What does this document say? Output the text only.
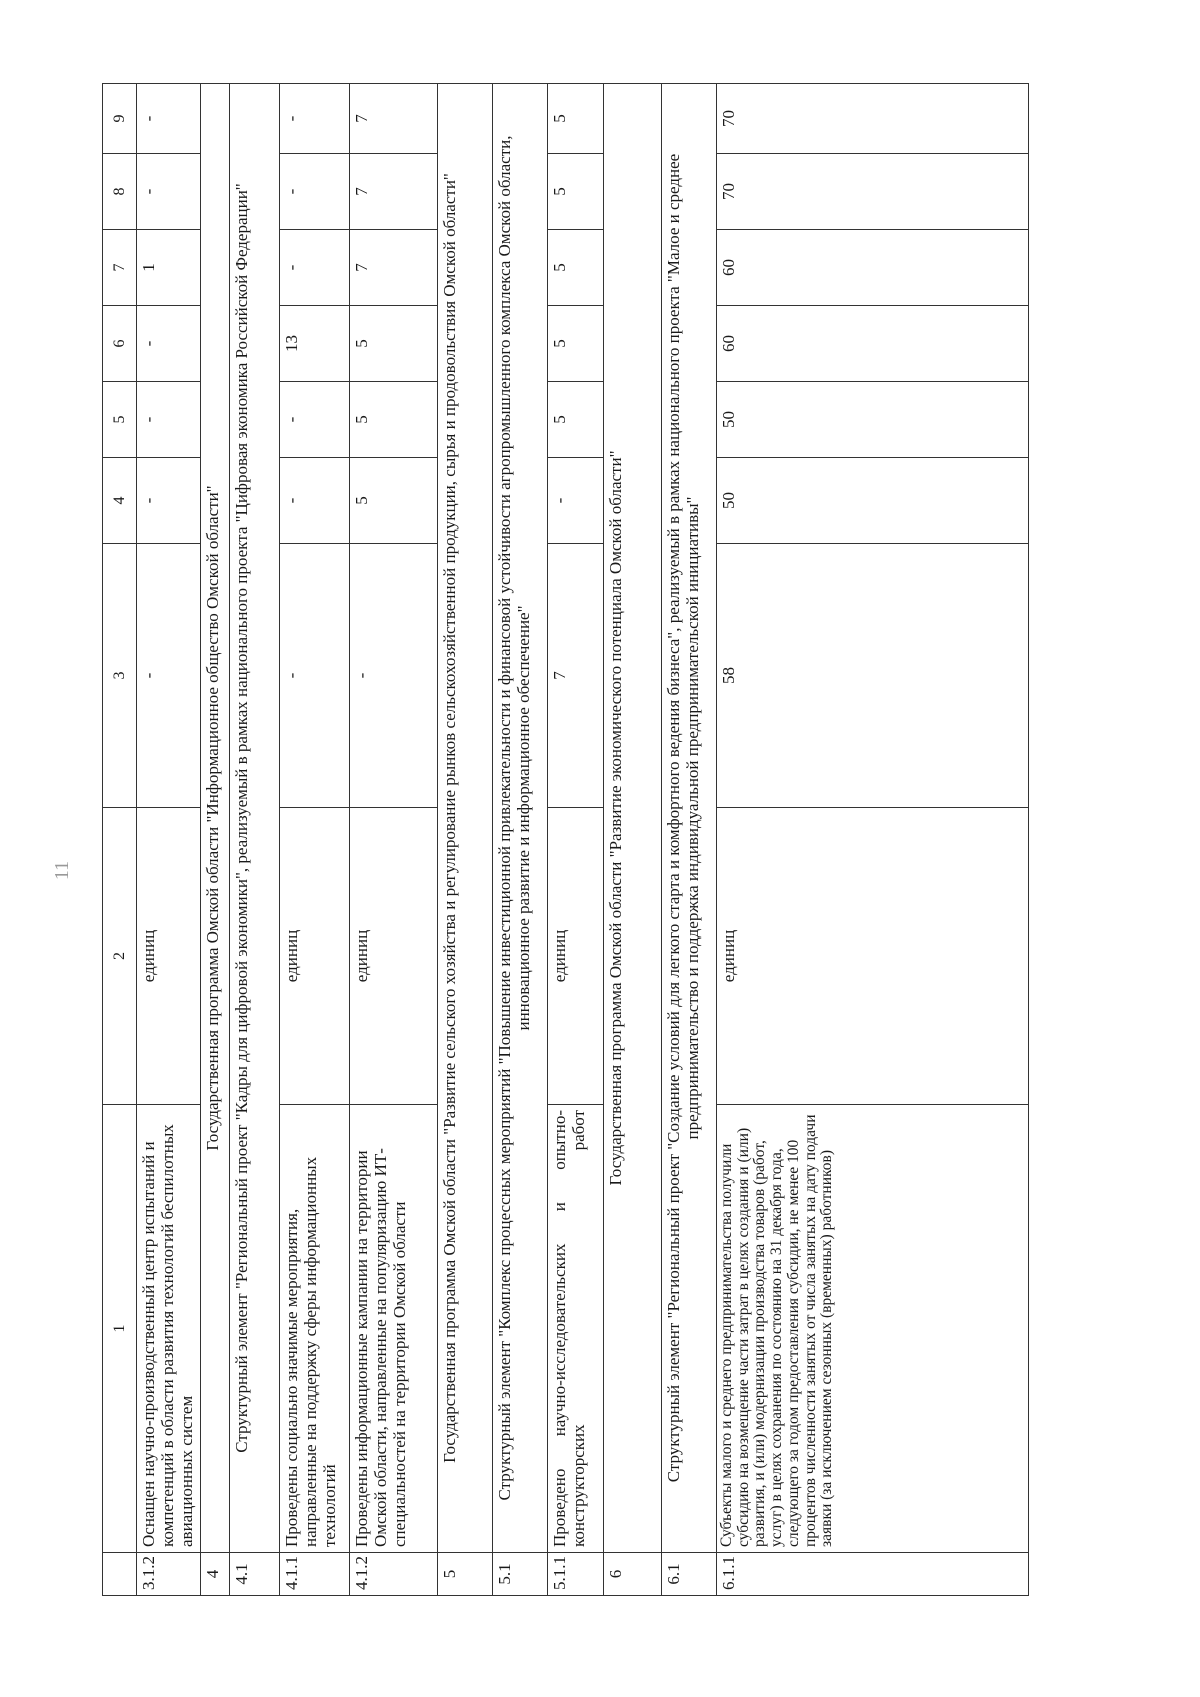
11
	1	2	3	4	5	6	7	8	9
3.1.2	Оснащен научно-производственный центр испытаний и компетенций в области развития технологий беспилотных авиационных систем	единиц	-	-	-	-	1	-	-
4	Государственная программа Омской области "Информационное общество Омской области"								
4.1	Структурный элемент "Региональный проект "Кадры для цифровой экономики", реализуемый в рамках национального проекта "Цифровая экономика Российской Федерации"								
4.1.1	Проведены социально значимые мероприятия, направленные на поддержку сферы информационных технологий	единиц	-	-	-	13	-	-	-
4.1.2	Проведены информационные кампании на территории Омской области, направленные на популяризацию ИТ-специальностей на территории Омской области	единиц	-	5	5	5	7	7	7
5	Государственная программа Омской области "Развитие сельского хозяйства и регулирование рынков сельскохозяйственной продукции, сырья и продовольствия Омской области"								
5.1	Структурный элемент "Комплекс процессных мероприятий "Повышение инвестиционной привлекательности и финансовой устойчивости агропромышленного комплекса Омской области, инновационное развитие и информационное обеспечение"								
5.1.1	Проведено научно-исследовательских и опытно-конструкторских работ	единиц	7	-	5	5	5	5	5
6	Государственная программа Омской области "Развитие экономического потенциала Омской области"								
6.1	Структурный элемент "Региональный проект "Создание условий для легкого старта и комфортного ведения бизнеса", реализуемый в рамках национального проекта "Малое и среднее предпринимательство и поддержка индивидуальной предпринимательской инициативы"								
6.1.1	Субъекты малого и среднего предпринимательства получили субсидию на возмещение части затрат в целях создания и (или) развития, и (или) модернизации производства товаров (работ, услуг) в целях сохранения по состоянию на 31 декабря года, следующего за годом предоставления субсидии, не менее 100 процентов численности занятых от числа занятых на дату подачи заявки (за исключением сезонных (временных) работников)	единиц	58	50	50	60	60	70	70
